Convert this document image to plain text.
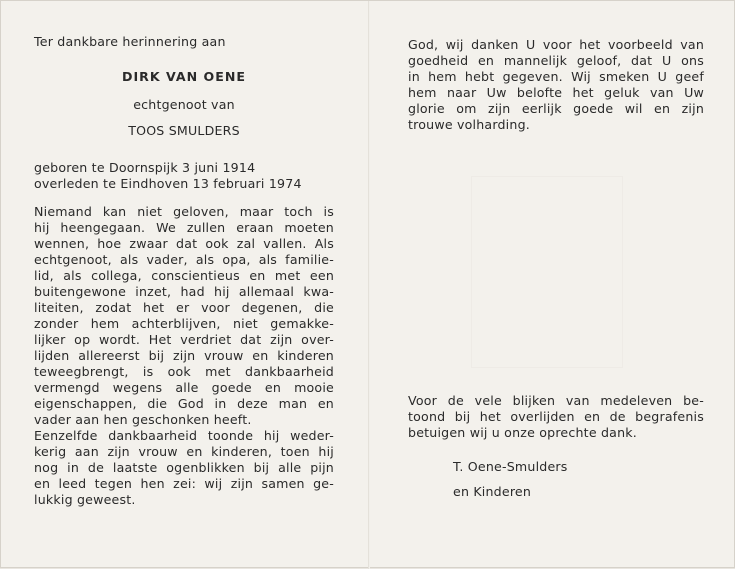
Ter dankbare herinnering aan
DIRK VAN OENE
echtgenoot van
TOOS SMULDERS
geboren te Doornspijk 3 juni 1914
overleden te Eindhoven 13 februari 1974
Niemand kan niet geloven, maar toch is
hij heengegaan. We zullen eraan moeten
wennen, hoe zwaar dat ook zal vallen. Als
echtgenoot, als vader, als opa, als familie-
lid, als collega, conscientieus en met een
buitengewone inzet, had hij allemaal kwa-
liteiten, zodat het er voor degenen, die
zonder hem achterblijven, niet gemakke-
lijker op wordt. Het verdriet dat zijn over-
lijden allereerst bij zijn vrouw en kinderen
teweegbrengt, is ook met dankbaarheid
vermengd wegens alle goede en mooie
eigenschappen, die God in deze man en
vader aan hen geschonken heeft.
Eenzelfde dankbaarheid toonde hij weder-
kerig aan zijn vrouw en kinderen, toen hij
nog in de laatste ogenblikken bij alle pijn
en leed tegen hen zei: wij zijn samen ge-
lukkig geweest.
God, wij danken U voor het voorbeeld van
goedheid en mannelijk geloof, dat U ons
in hem hebt gegeven. Wij smeken U geef
hem naar Uw belofte het geluk van Uw
glorie om zijn eerlijk goede wil en zijn
trouwe volharding.
Voor de vele blijken van medeleven be-
toond bij het overlijden en de begrafenis
betuigen wij u onze oprechte dank.
T. Oene-Smulders
en Kinderen
